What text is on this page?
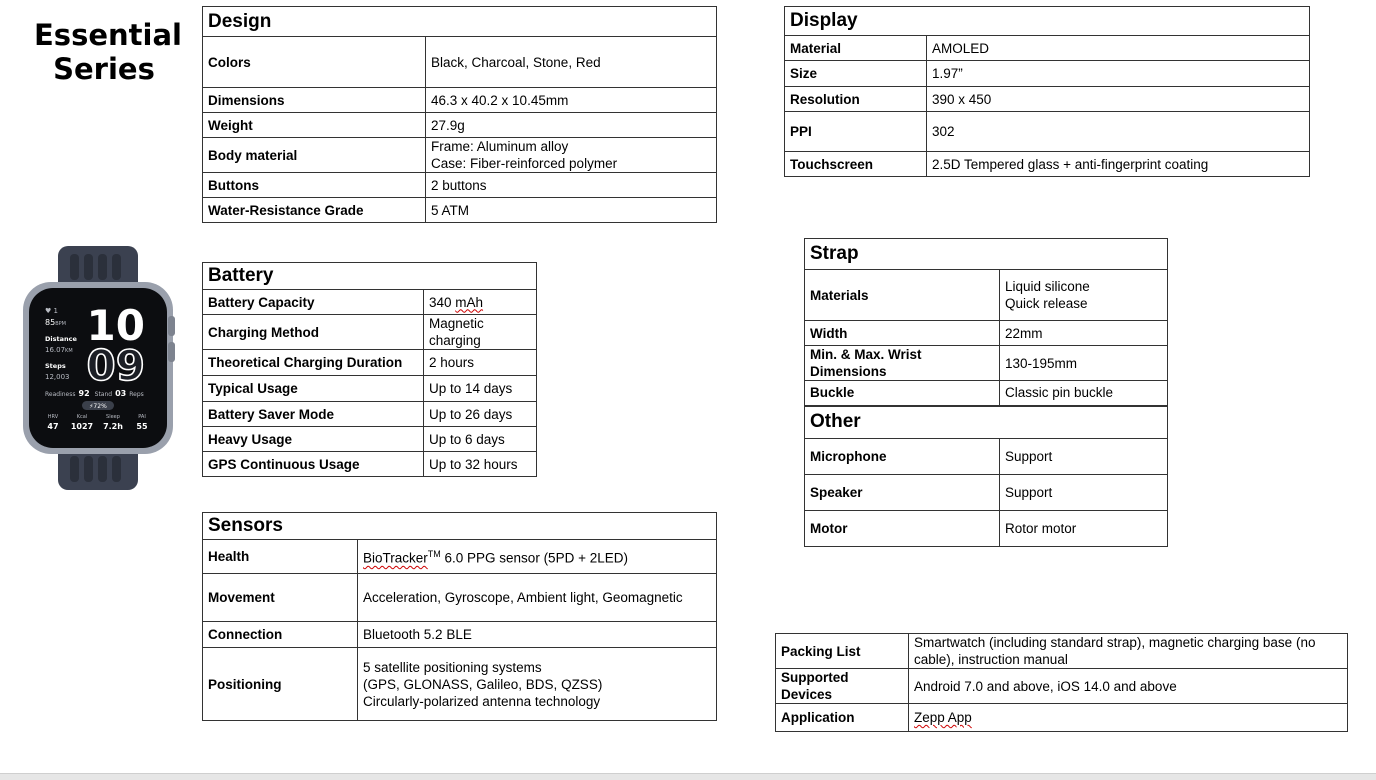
Essential
Series
Design	
Colors	Black, Charcoal, Stone, Red
Dimensions	46.3 x 40.2 x 10.45mm
Weight	27.9g
Body material	Frame: Aluminum alloy
Case: Fiber-reinforced polymer
Buttons	2 buttons
Water-Resistance Grade	5 ATM
Display	
Material	AMOLED
Size	1.97”
Resolution	390 x 450
PPI	302
Touchscreen	2.5D Tempered glass + anti-fingerprint coating
Battery	
Battery Capacity	340 mAh
Charging Method	Magnetic
charging
Theoretical Charging Duration	2 hours
Typical Usage	Up to 14 days
Battery Saver Mode	Up to 26 days
Heavy Usage	Up to 6 days
GPS Continuous Usage	Up to 32 hours
Strap	
Materials	Liquid silicone
Quick release
Width	22mm
Min. & Max. Wrist Dimensions	130-195mm
Buckle	Classic pin buckle
Other	
Microphone	Support
Speaker	Support
Motor	Rotor motor
Sensors	
Health	BioTracker™ 6.0 PPG sensor (5PD + 2LED)
Movement	Acceleration, Gyroscope, Ambient light, Geomagnetic
Connection	Bluetooth 5.2 BLE
Positioning	5 satellite positioning systems
(GPS, GLONASS, Galileo, BDS, QZSS)
Circularly-polarized antenna technology
Packing List	Smartwatch (including standard strap), magnetic charging base (no cable), instruction manual
Supported Devices	Android 7.0 and above, iOS 14.0 and above
Application	Zepp App
♥ 1
85BPM 10
09
Distance
16.07KM
Steps
12,003
Readiness 92 Stand 03 Reps
⚡72%
HRV	Kcal	Sleep	PAI
47 1027 7.2h 55
